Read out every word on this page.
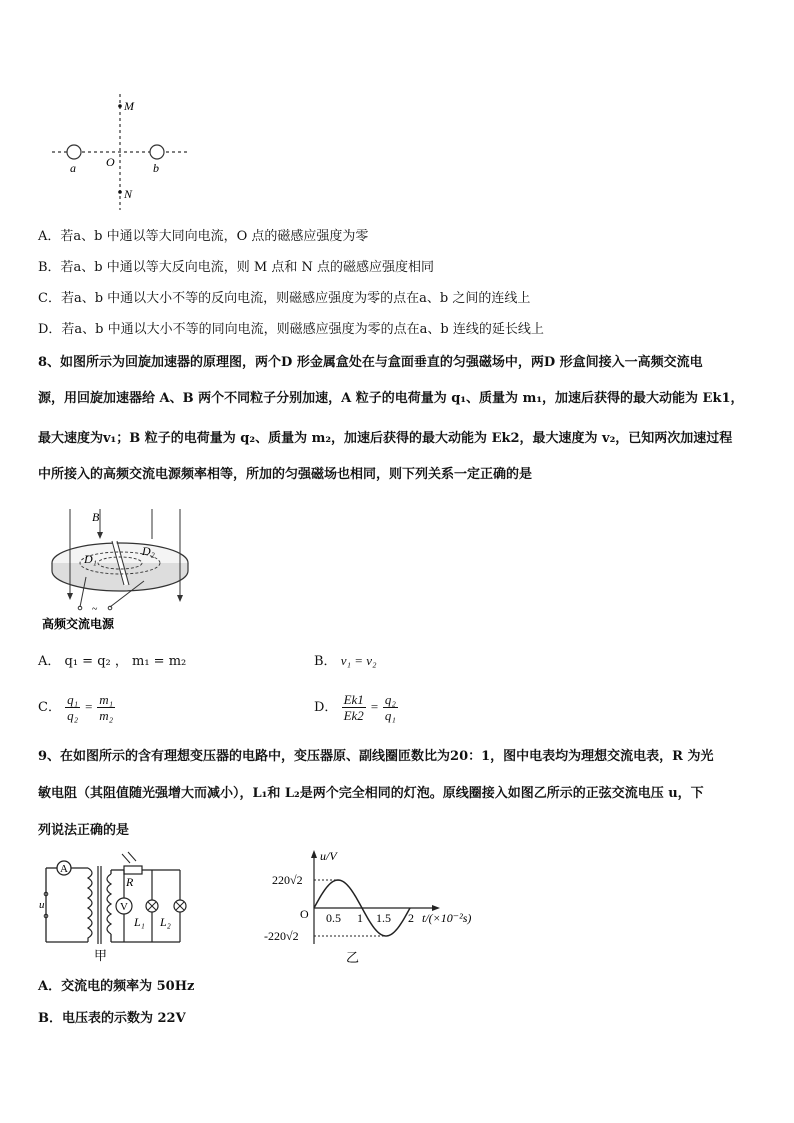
M
O
N
a	b
A．若a、b 中通以等大同向电流，O 点的磁感应强度为零
B．若a、b 中通以等大反向电流，则 M 点和 N 点的磁感应强度相同
C．若a、b 中通以大小不等的反向电流，则磁感应强度为零的点在a、b 之间的连线上
D．若a、b 中通以大小不等的同向电流，则磁感应强度为零的点在a、b 连线的延长线上
8、如图所示为回旋加速器的原理图，两个D 形金属盒处在与盒面垂直的匀强磁场中，两D 形盒间接入一高频交流电
源，用回旋加速器给 A、B 两个不同粒子分别加速，A 粒子的电荷量为 q₁、质量为 m₁，加速后获得的最大动能为 Ek1，
最大速度为v₁；B 粒子的电荷量为 q₂、质量为 m₂，加速后获得的最大动能为 Ek2，最大速度为 v₂，已知两次加速过程
中所接入的高频交流电源频率相等，所加的匀强磁场也相同，则下列关系一定正确的是
~
B
D₁
D₂
高频交流电源
A． q₁ = q₂ ， m₁ = m₂	B． v₁ = v₂
C． $\frac{\text{q₁}}{\text{q₂}} = \frac{\text{m₁}}{\text{m₂}}$	D． $\frac{Ek1}{Ek2} = \frac{\text{q₂}}{\text{q₁}}$
9、在如图所示的含有理想变压器的电路中，变压器原、副线圈匝数比为20：1，图中电表均为理想交流电表，R 为光
敏电阻（其阻值随光强增大而减小），L₁和 L₂是两个完全相同的灯泡。原线圈接入如图乙所示的正弦交流电压 u，下
列说法正确的是
A
R
V
L₁ L₂
u
甲
u/V
220√2
-220√2
O 0.5 1 1.5 2 t/(×10⁻²s)
乙
A．交流电的频率为 50Hz
B．电压表的示数为 22V
